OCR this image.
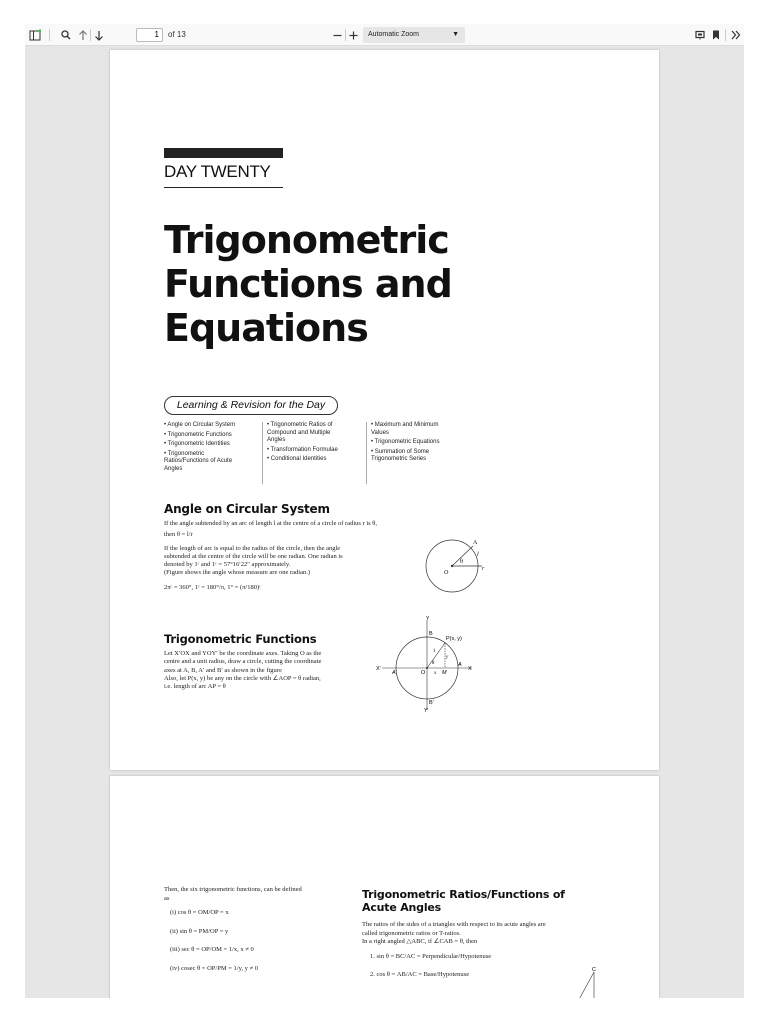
1	of 13	Automatic Zoom	▼
DAY TWENTY
Trigonometric
Functions and
Equations
Learning & Revision for the Day
• Angle on Circular System
• Trigonometric Functions
• Trigonometric Identities
• Trigonometric
Ratios/Functions of Acute
Angles
• Trigonometric Ratios of
Compound and Multiple
Angles
• Transformation Formulae
• Conditional Identities
• Maximum and Minimum
Values
• Trigonometric Equations
• Summation of Some
Trigonometric Series
Angle on Circular System
If the angle subtended by an arc of length l at the centre of a circle of radius r is θ,
then θ = l/r
If the length of arc is equal to the radius of the circle, then the angle
subtended at the centre of the circle will be one radian. One radian is
denoted by 1ᶜ and 1ᶜ = 57°16′22″ approximately.
(Figure shows the angle whose measure are one radian.)
2πᶜ = 360°, 1ᶜ = 180°/π, 1° = (π/180)ᶜ
A
l
θ
O
r
Trigonometric Functions
Let X′OX and YOY′ be the coordinate axes. Taking O as the
centre and a unit radius, draw a circle, cutting the coordinate
axes at A, B, A′ and B′ as shown in the figure
Also, let P(x, y) be any on the circle with ∠AOP = θ radian,
i.e. length of arc AP = θ
Y
B
P(x, y)
X′
A′	O x M
A
X
B′
Y′
1
θ
y
Then, the six trigonometric functions, can be defined
as
(i) cos θ = OM/OP = x
(ii) sin θ = PM/OP = y
(iii) sec θ = OP/OM = 1/x, x ≠ 0
(iv) cosec θ = OP/PM = 1/y, y ≠ 0
Trigonometric Ratios/Functions of
Acute Angles
The ratios of the sides of a triangles with respect to its acute angles are
called trigonometric ratios or T-ratios.
In a right angled △ABC, if ∠CAB = θ, then
1. sin θ = BC/AC = Perpendicular/Hypotenuse
2. cos θ = AB/AC = Base/Hypotenuse
C
